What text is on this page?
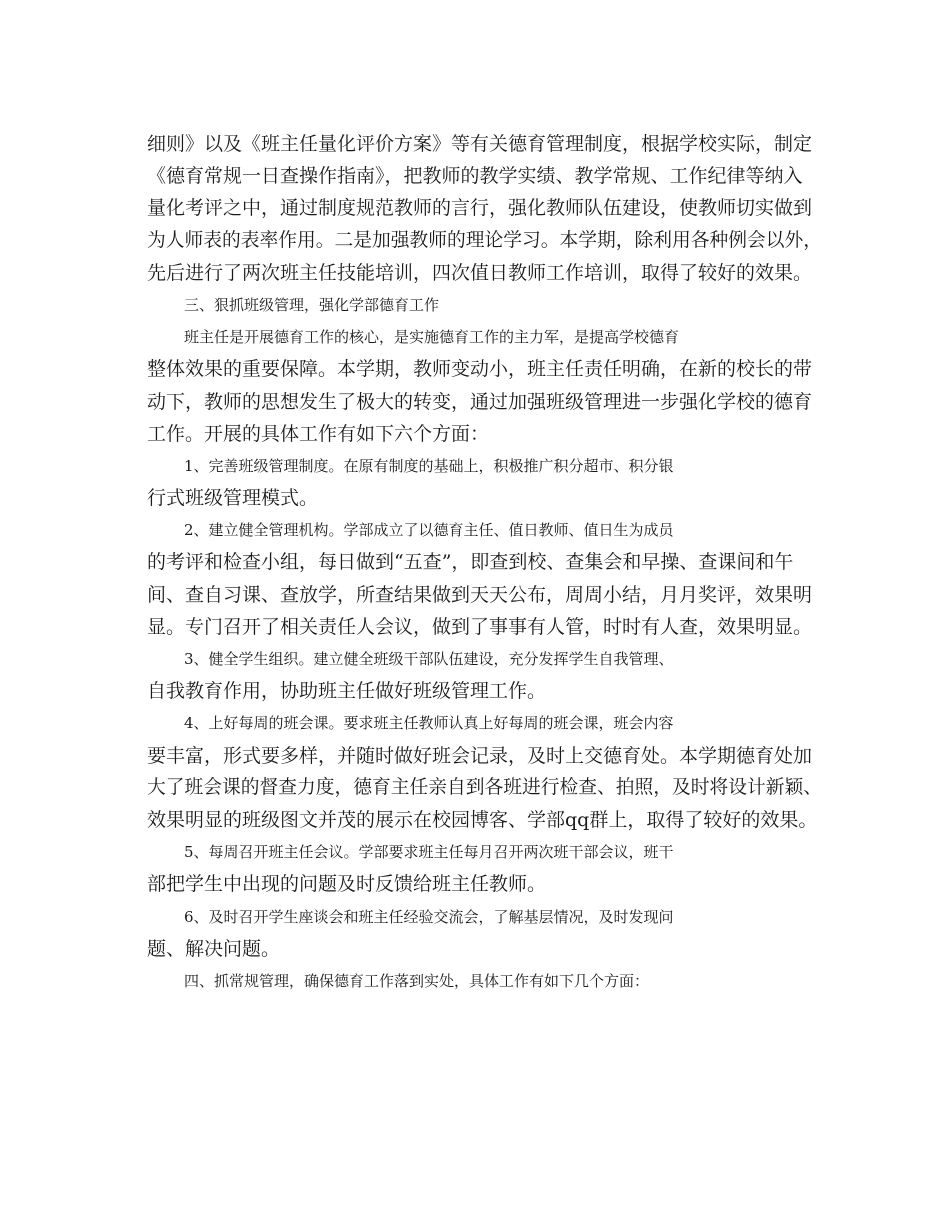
细则》以及《班主任量化评价方案》等有关德育管理制度，根据学校实际，制定
《德育常规一日查操作指南》，把教师的教学实绩、教学常规、工作纪律等纳入
量化考评之中，通过制度规范教师的言行，强化教师队伍建设，使教师切实做到
为人师表的表率作用。二是加强教师的理论学习。本学期，除利用各种例会以外，
先后进行了两次班主任技能培训，四次值日教师工作培训，取得了较好的效果。
三、狠抓班级管理，强化学部德育工作
班主任是开展德育工作的核心，是实施德育工作的主力军，是提高学校德育
整体效果的重要保障。本学期，教师变动小，班主任责任明确，在新的校长的带
动下，教师的思想发生了极大的转变，通过加强班级管理进一步强化学校的德育
工作。开展的具体工作有如下六个方面：
1、完善班级管理制度。在原有制度的基础上，积极推广积分超市、积分银
行式班级管理模式。
2、建立健全管理机构。学部成立了以德育主任、值日教师、值日生为成员
的考评和检查小组，每日做到“五查”，即查到校、查集会和早操、查课间和午
间、查自习课、查放学，所查结果做到天天公布，周周小结，月月奖评，效果明
显。专门召开了相关责任人会议，做到了事事有人管，时时有人查，效果明显。
3、健全学生组织。建立健全班级干部队伍建设，充分发挥学生自我管理、
自我教育作用，协助班主任做好班级管理工作。
4、上好每周的班会课。要求班主任教师认真上好每周的班会课，班会内容
要丰富，形式要多样，并随时做好班会记录，及时上交德育处。本学期德育处加
大了班会课的督查力度，德育主任亲自到各班进行检查、拍照，及时将设计新颖、
效果明显的班级图文并茂的展示在校园博客、学部qq群上，取得了较好的效果。
5、每周召开班主任会议。学部要求班主任每月召开两次班干部会议，班干
部把学生中出现的问题及时反馈给班主任教师。
6、及时召开学生座谈会和班主任经验交流会，了解基层情况，及时发现问
题、解决问题。
四、抓常规管理，确保德育工作落到实处，具体工作有如下几个方面：
